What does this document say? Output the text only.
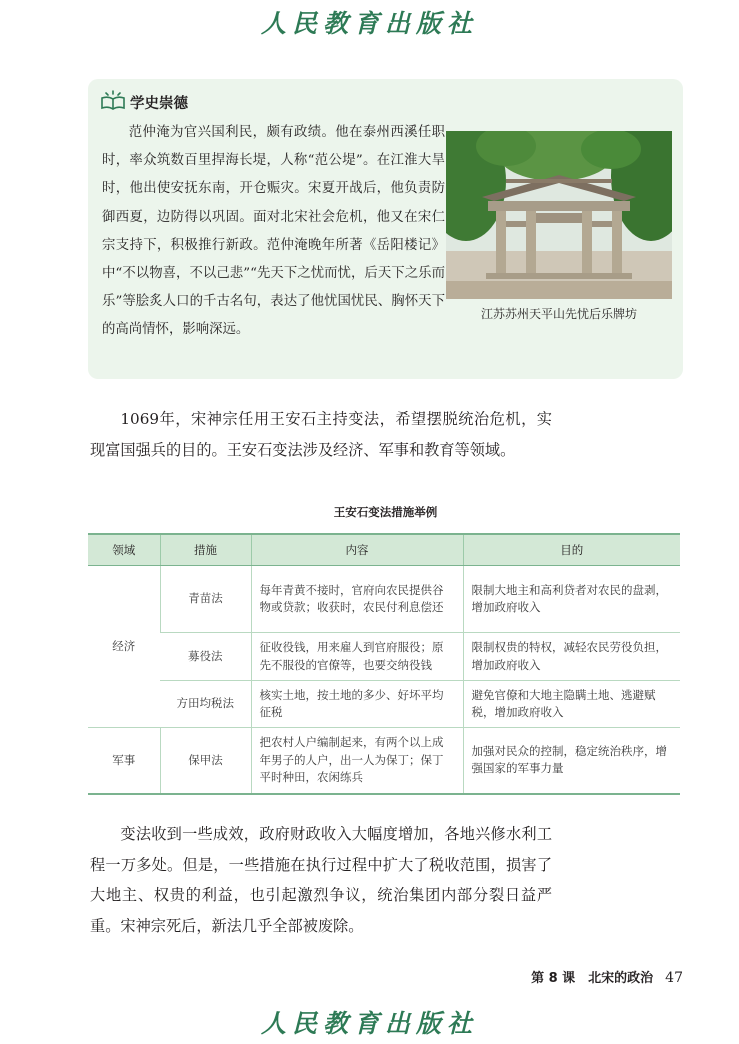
人民教育出版社
学史崇德

范仲淹为官兴国利民，颇有政绩。他在泰州西溪任职时，率众筑数百里捍海长堤，人称“范公堤”。在江淮大旱时，他出使安抚东南，开仓赈灾。宋夏开战后，他负责防御西夏，边防得以巩固。面对北宋社会危机，他又在宋仁宗支持下，积极推行新政。范仲淹晚年所著《岳阳楼记》中“不以物喜，不以己悲”“先天下之忧而忧，后天下之乐而乐”等脍炙人口的千古名句，表达了他忧国忧民、胸怀天下的高尚情怀，影响深远。

江苏苏州天平山先忧后乐牌坊

1069年，宋神宗任用王安石主持变法，希望摆脱统治危机，实现富国强兵的目的。王安石变法涉及经济、军事和教育等领域。

王安石变法措施举例
领域	措施	内容	目的
经济	青苗法	每年青黄不接时，官府向农民提供谷物或贷款；收获时，农民付利息偿还	限制大地主和高利贷者对农民的盘剥，增加政府收入
	募役法	征收役钱，用来雇人到官府服役；原先不服役的官僚等，也要交纳役钱	限制权贵的特权，减轻农民劳役负担，增加政府收入
	方田均税法	核实土地，按土地的多少、好坏平均征税	避免官僚和大地主隐瞒土地、逃避赋税，增加政府收入
军事	保甲法	把农村人户编制起来，有两个以上成年男子的人户，出一人为保丁；保丁平时种田，农闲练兵	加强对民众的控制，稳定统治秩序，增强国家的军事力量

变法收到一些成效，政府财政收入大幅度增加，各地兴修水利工程一万多处。但是，一些措施在执行过程中扩大了税收范围，损害了大地主、权贵的利益，也引起激烈争议，统治集团内部分裂日益严重。宋神宗死后，新法几乎全部被废除。

第 8 课　北宋的政治 47
人民教育出版社
